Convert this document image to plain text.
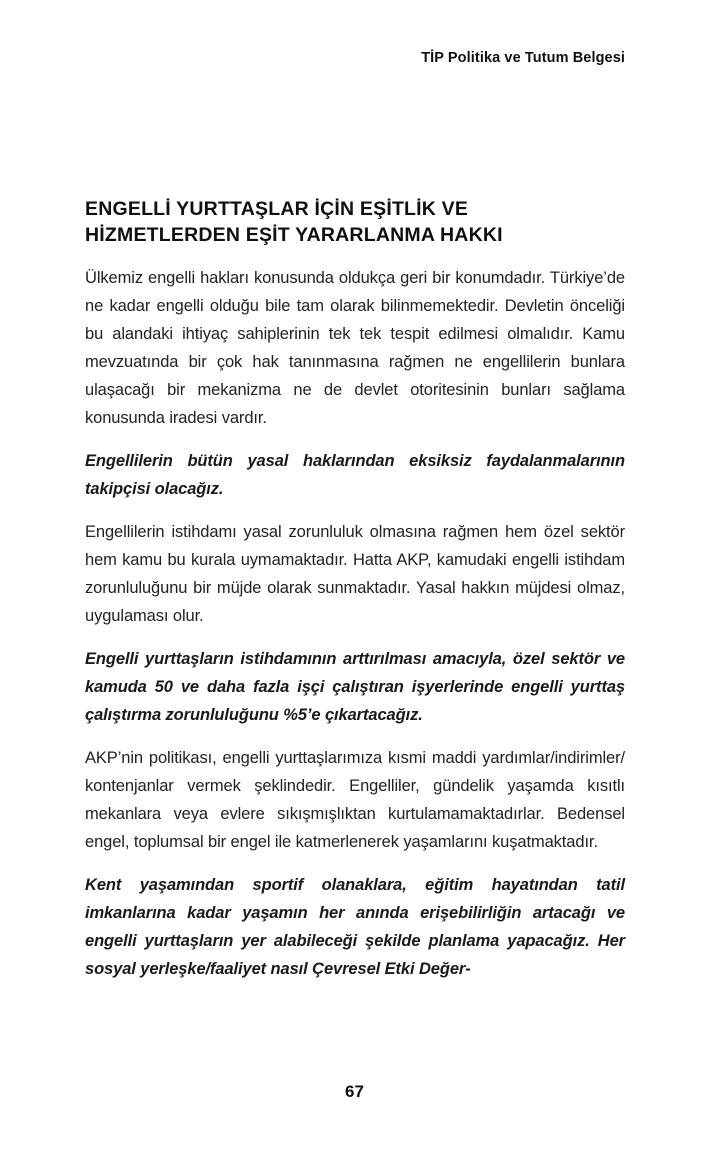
TİP Politika ve Tutum Belgesi
ENGELLİ YURTTAŞLAR İÇİN EŞİTLİK VE
HİZMETLERDEN EŞİT YARARLANMA HAKKI

Ülkemiz engelli hakları konusunda oldukça geri bir konumdadır. Türkiye’de ne kadar engelli olduğu bile tam olarak bilinmemektedir. Devletin önceliği bu alandaki ihtiyaç sahiplerinin tek tek tespit edilmesi olmalıdır. Kamu mevzuatında bir çok hak tanınmasına rağmen ne engellilerin bunlara ulaşacağı bir mekanizma ne de devlet otoritesinin bunları sağlama konusunda iradesi vardır.

Engellilerin bütün yasal haklarından eksiksiz faydalanmalarının takipçisi olacağız.

Engellilerin istihdamı yasal zorunluluk olmasına rağmen hem özel sektör hem kamu bu kurala uymamaktadır. Hatta AKP, kamudaki engelli istihdam zorunluluğunu bir müjde olarak sunmaktadır. Yasal hakkın müjdesi olmaz, uygulaması olur.

Engelli yurttaşların istihdamının arttırılması amacıyla, özel sektör ve kamuda 50 ve daha fazla işçi çalıştıran işyerlerinde engelli yurttaş çalıştırma zorunluluğunu %5’e çıkartacağız.

AKP’nin politikası, engelli yurttaşlarımıza kısmi maddi yardımlar/indirimler/ kontenjanlar vermek şeklindedir. Engelliler, gündelik yaşamda kısıtlı mekanlara veya evlere sıkışmışlıktan kurtulamamaktadırlar. Bedensel engel, toplumsal bir engel ile katmerlenerek yaşamlarını kuşatmaktadır.

Kent yaşamından sportif olanaklara, eğitim hayatından tatil imkanlarına kadar yaşamın her anında erişebilirliğin artacağı ve engelli yurttaşların yer alabileceği şekilde planlama yapacağız. Her sosyal yerleşke/faaliyet nasıl Çevresel Etki Değer-

67
